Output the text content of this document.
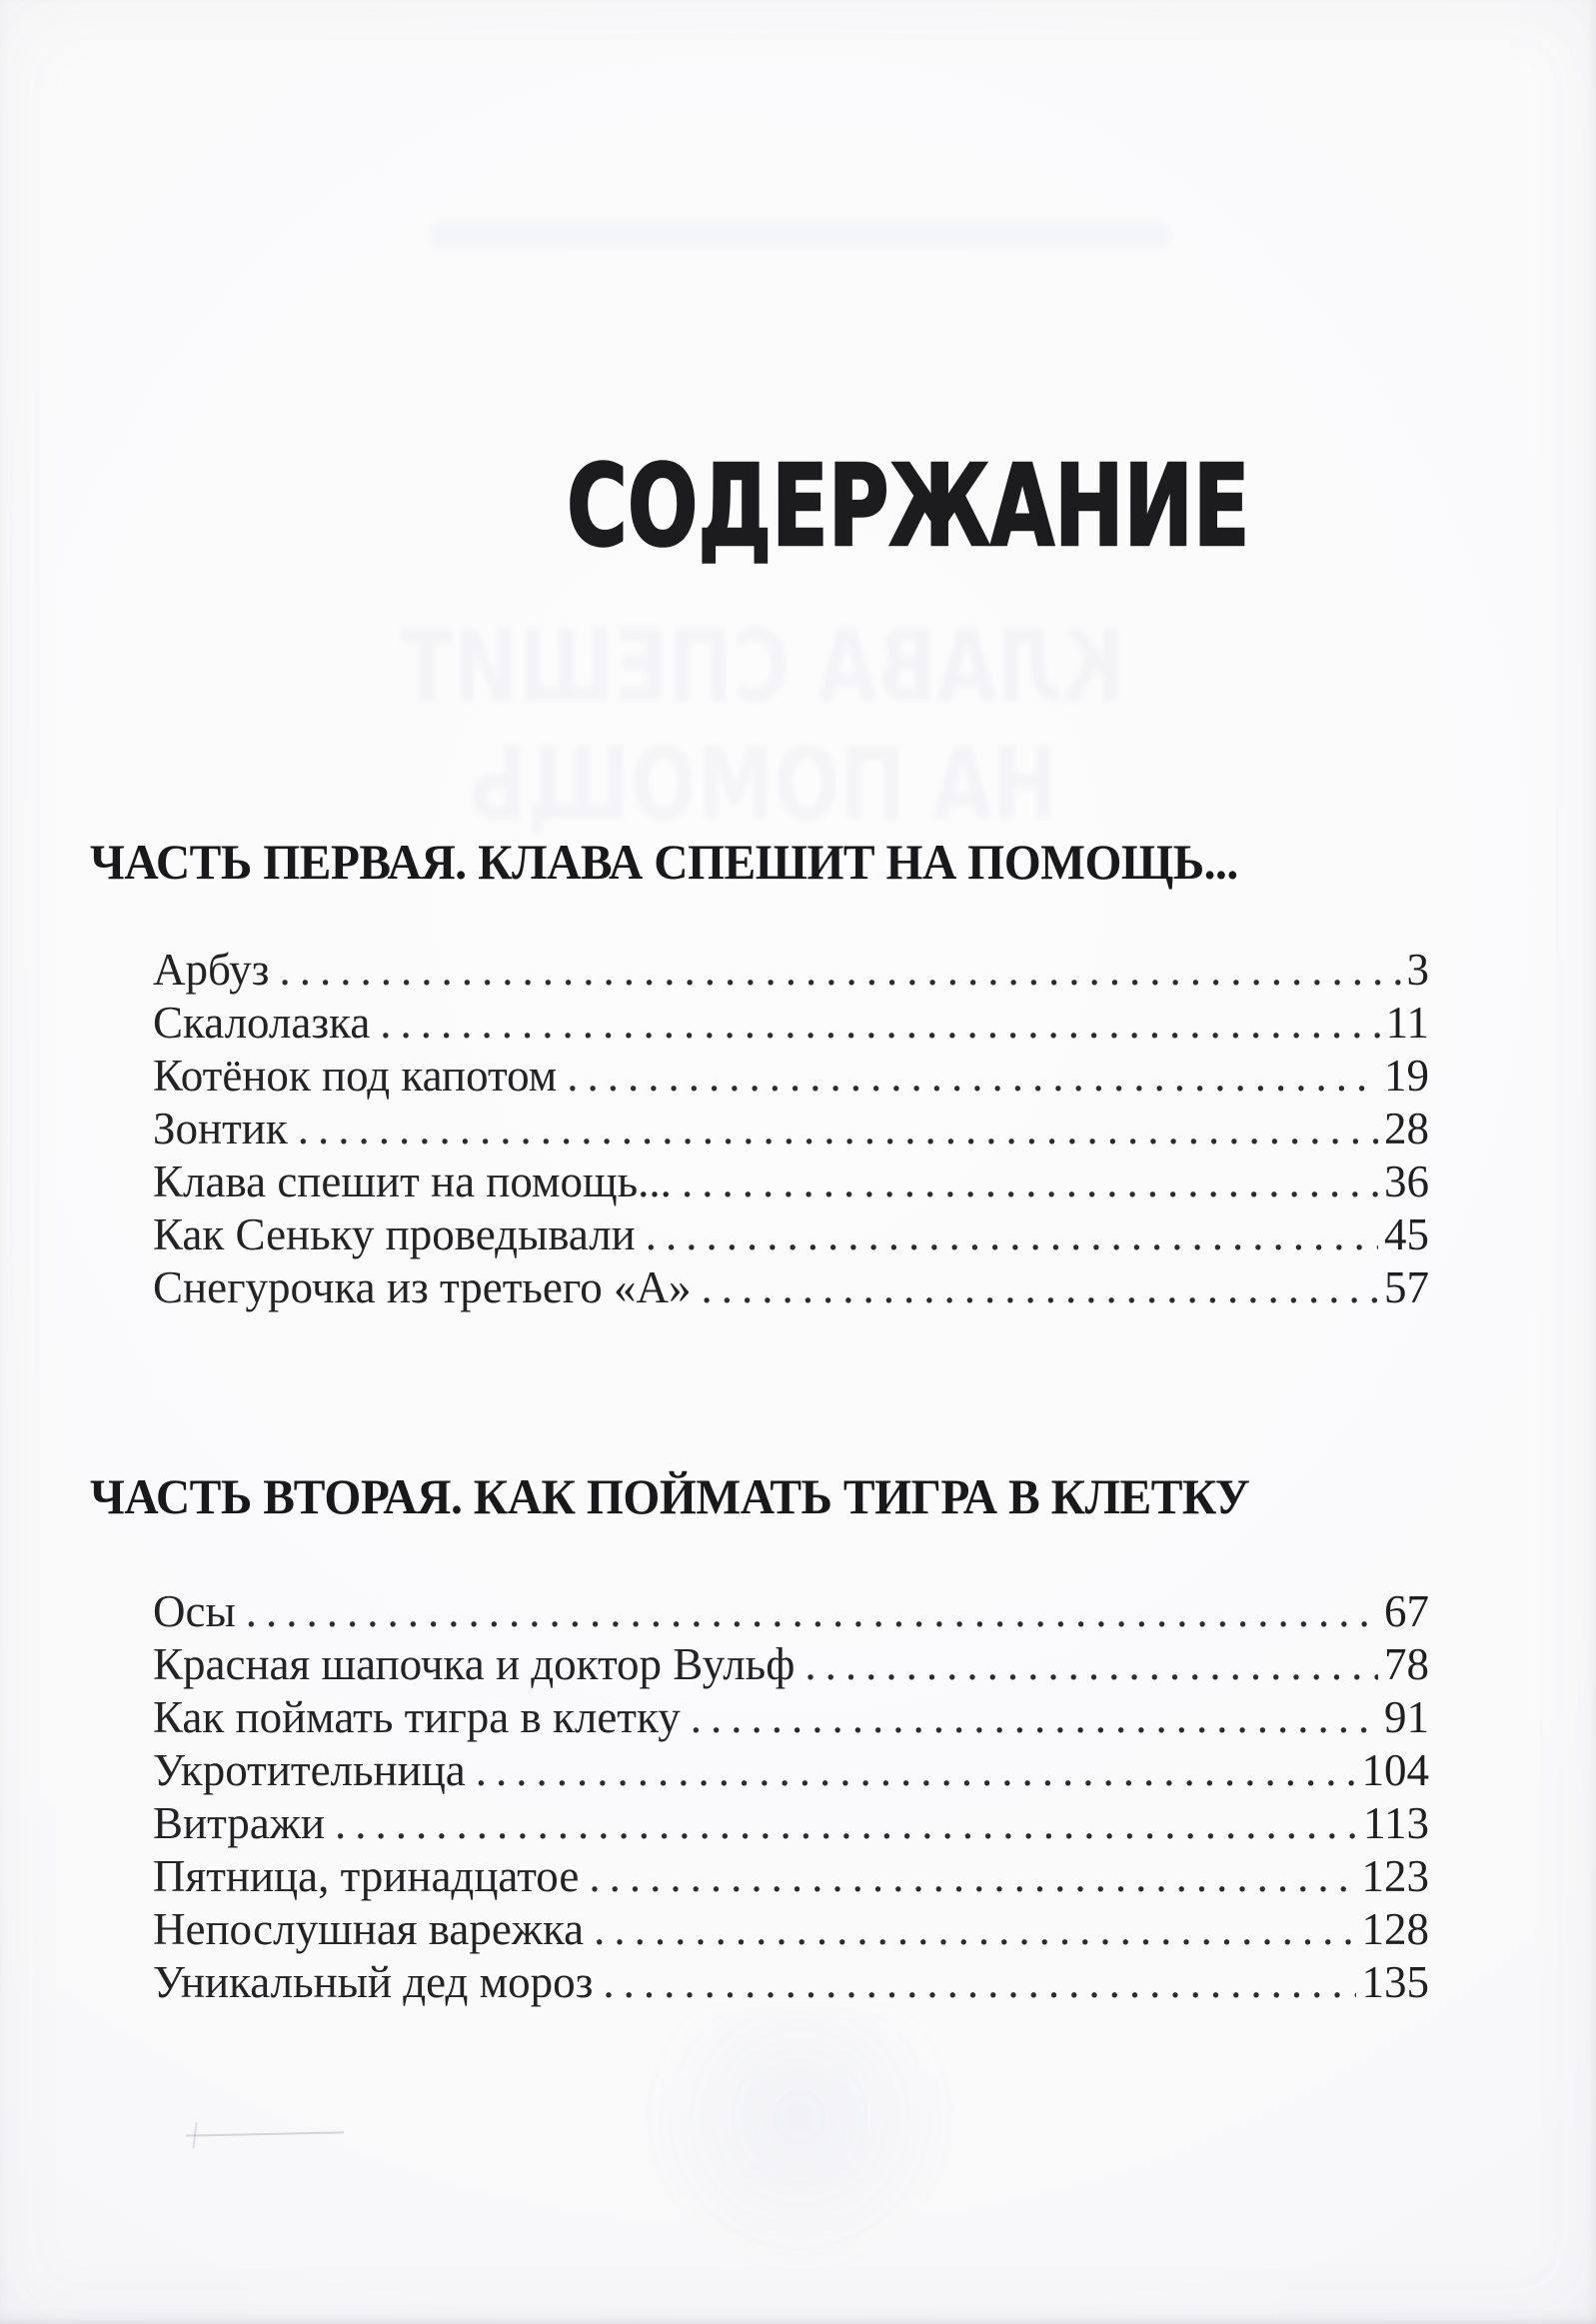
КЛАВА СПЕШИТ
НА ПОМОЩЬ
СОДЕРЖАНИЕ
ЧАСТЬ ПЕРВАЯ. КЛАВА СПЕШИТ НА ПОМОЩЬ...
Арбуз .....	3
Скалолазка .....	11
Котёнок под капотом .....	19
Зонтик .....	28
Клава спешит на помощь... .....	36
Как Сеньку проведывали .....	45
Снегурочка из третьего «А» .....	57
ЧАСТЬ ВТОРАЯ. КАК ПОЙМАТЬ ТИГРА В КЛЕТКУ
Осы .....	67
Красная шапочка и доктор Вульф .....	78
Как поймать тигра в клетку .....	91
Укротительница .....	104
Витражи .....	113
Пятница, тринадцатое .....	123
Непослушная варежка .....	128
Уникальный дед мороз .....	135
